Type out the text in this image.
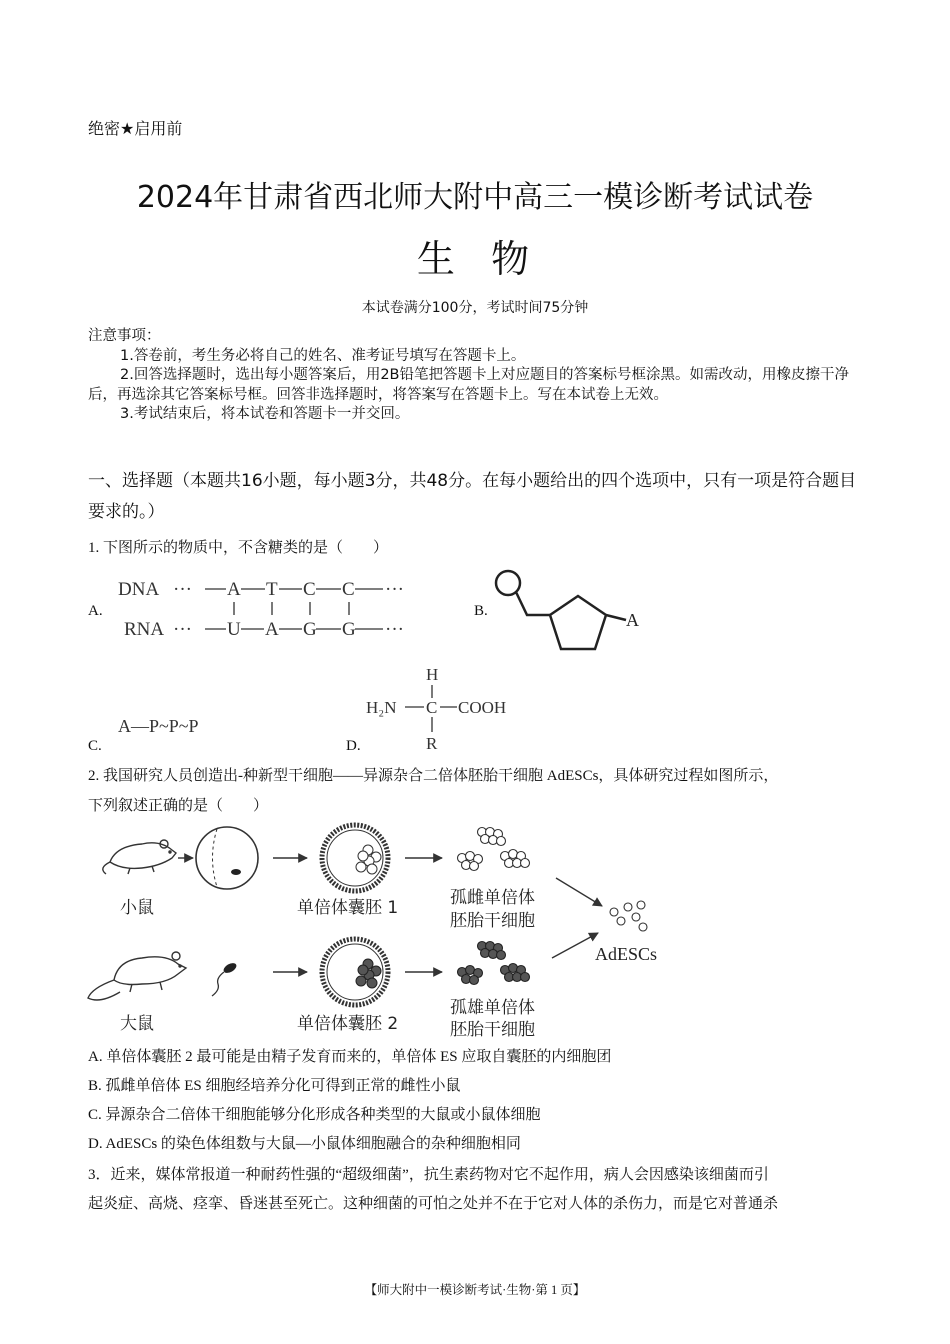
绝密★启用前
2024年甘肃省西北师大附中高三一模诊断考试试卷
生  物
本试卷满分100分，考试时间75分钟

注意事项：

1.答卷前，考生务必将自己的姓名、准考证号填写在答题卡上。

2.回答选择题时，选出每小题答案后，用2B铅笔把答题卡上对应题目的答案标号框涂黑。如需改动，用橡皮擦干净后，再选涂其它答案标号框。回答非选择题时，将答案写在答题卡上。写在本试卷上无效。

3.考试结束后，将本试卷和答题卡一并交回。

一、选择题（本题共16小题，每小题3分，共48分。在每小题给出的四个选项中，只有一项是符合题目要求的。）
1. 下图所示的物质中，不含糖类的是（　　）
A.
DNA ···
RNA ···
A T C C ···
U A G G ···
B.	A
C.
A—P~P~P
D.
H
H₂N C COOH
R
2. 我国研究人员创造出-种新型干细胞——异源杂合二倍体胚胎干细胞 AdESCs，具体研究过程如图所示，
下列叙述正确的是（　　）
小鼠
大鼠
单倍体囊胚 1
单倍体囊胚 2
孤雌单倍体
胚胎干细胞
孤雄单倍体
胚胎干细胞
AdESCs
A. 单倍体囊胚 2 最可能是由精子发育而来的，单倍体 ES 应取自囊胚的内细胞团
B. 孤雌单倍体 ES 细胞经培养分化可得到正常的雌性小鼠
C. 异源杂合二倍体干细胞能够分化形成各种类型的大鼠或小鼠体细胞
D. AdESCs 的染色体组数与大鼠—小鼠体细胞融合的杂种细胞相同
3．近来，媒体常报道一种耐药性强的“超级细菌”，抗生素药物对它不起作用，病人会因感染该细菌而引
起炎症、高烧、痉挛、昏迷甚至死亡。这种细菌的可怕之处并不在于它对人体的杀伤力，而是它对普通杀
【师大附中一模诊断考试·生物·第 1 页】
